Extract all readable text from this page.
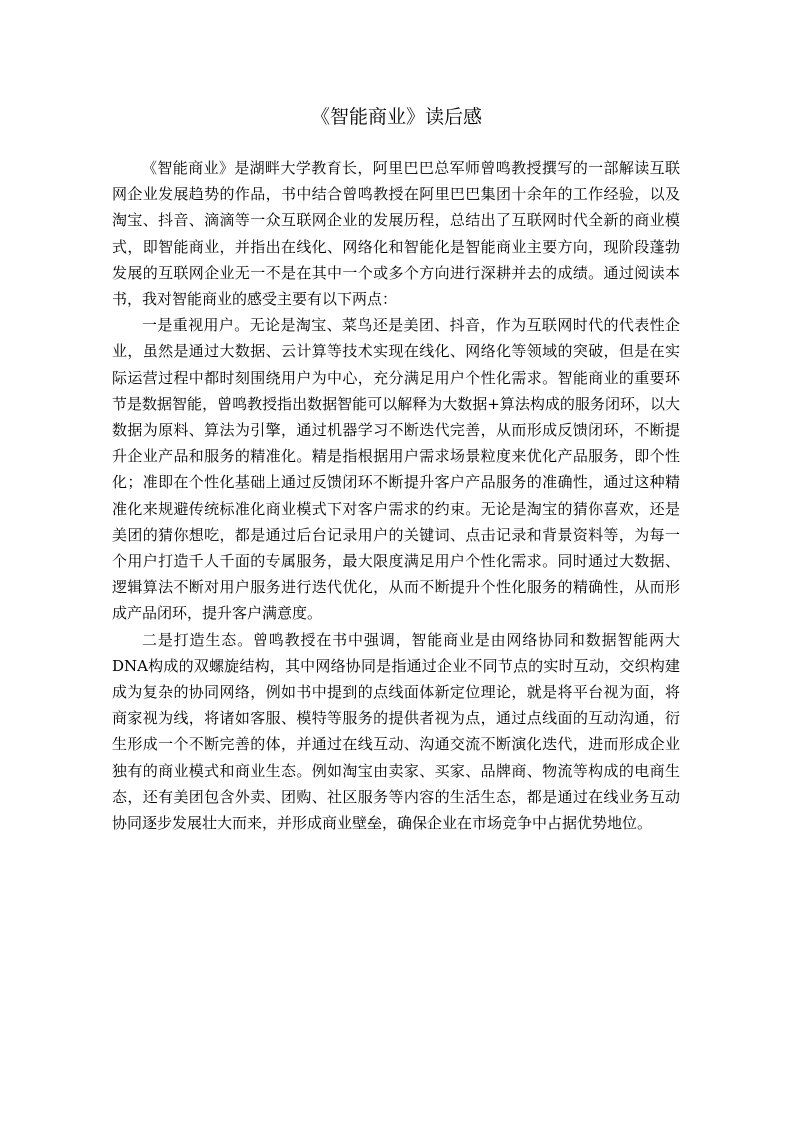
《智能商业》读后感

《智能商业》是湖畔大学教育长，阿里巴巴总军师曾鸣教授撰写的一部解读互联网企业发展趋势的作品，书中结合曾鸣教授在阿里巴巴集团十余年的工作经验，以及淘宝、抖音、滴滴等一众互联网企业的发展历程，总结出了互联网时代全新的商业模式，即智能商业，并指出在线化、网络化和智能化是智能商业主要方向，现阶段蓬勃发展的互联网企业无一不是在其中一个或多个方向进行深耕并去的成绩。通过阅读本书，我对智能商业的感受主要有以下两点：

一是重视用户。无论是淘宝、菜鸟还是美团、抖音，作为互联网时代的代表性企业，虽然是通过大数据、云计算等技术实现在线化、网络化等领域的突破，但是在实际运营过程中都时刻围绕用户为中心，充分满足用户个性化需求。智能商业的重要环节是数据智能，曾鸣教授指出数据智能可以解释为大数据+算法构成的服务闭环，以大数据为原料、算法为引擎，通过机器学习不断迭代完善，从而形成反馈闭环，不断提升企业产品和服务的精准化。精是指根据用户需求场景粒度来优化产品服务，即个性化；准即在个性化基础上通过反馈闭环不断提升客户产品服务的准确性，通过这种精准化来规避传统标准化商业模式下对客户需求的约束。无论是淘宝的猜你喜欢，还是美团的猜你想吃，都是通过后台记录用户的关键词、点击记录和背景资料等，为每一个用户打造千人千面的专属服务，最大限度满足用户个性化需求。同时通过大数据、逻辑算法不断对用户服务进行迭代优化，从而不断提升个性化服务的精确性，从而形成产品闭环，提升客户满意度。

二是打造生态。曾鸣教授在书中强调，智能商业是由网络协同和数据智能两大DNA构成的双螺旋结构，其中网络协同是指通过企业不同节点的实时互动，交织构建成为复杂的协同网络，例如书中提到的点线面体新定位理论，就是将平台视为面，将商家视为线，将诸如客服、模特等服务的提供者视为点，通过点线面的互动沟通，衍生形成一个不断完善的体，并通过在线互动、沟通交流不断演化迭代，进而形成企业独有的商业模式和商业生态。例如淘宝由卖家、买家、品牌商、物流等构成的电商生态，还有美团包含外卖、团购、社区服务等内容的生活生态，都是通过在线业务互动协同逐步发展壮大而来，并形成商业壁垒，确保企业在市场竞争中占据优势地位。
